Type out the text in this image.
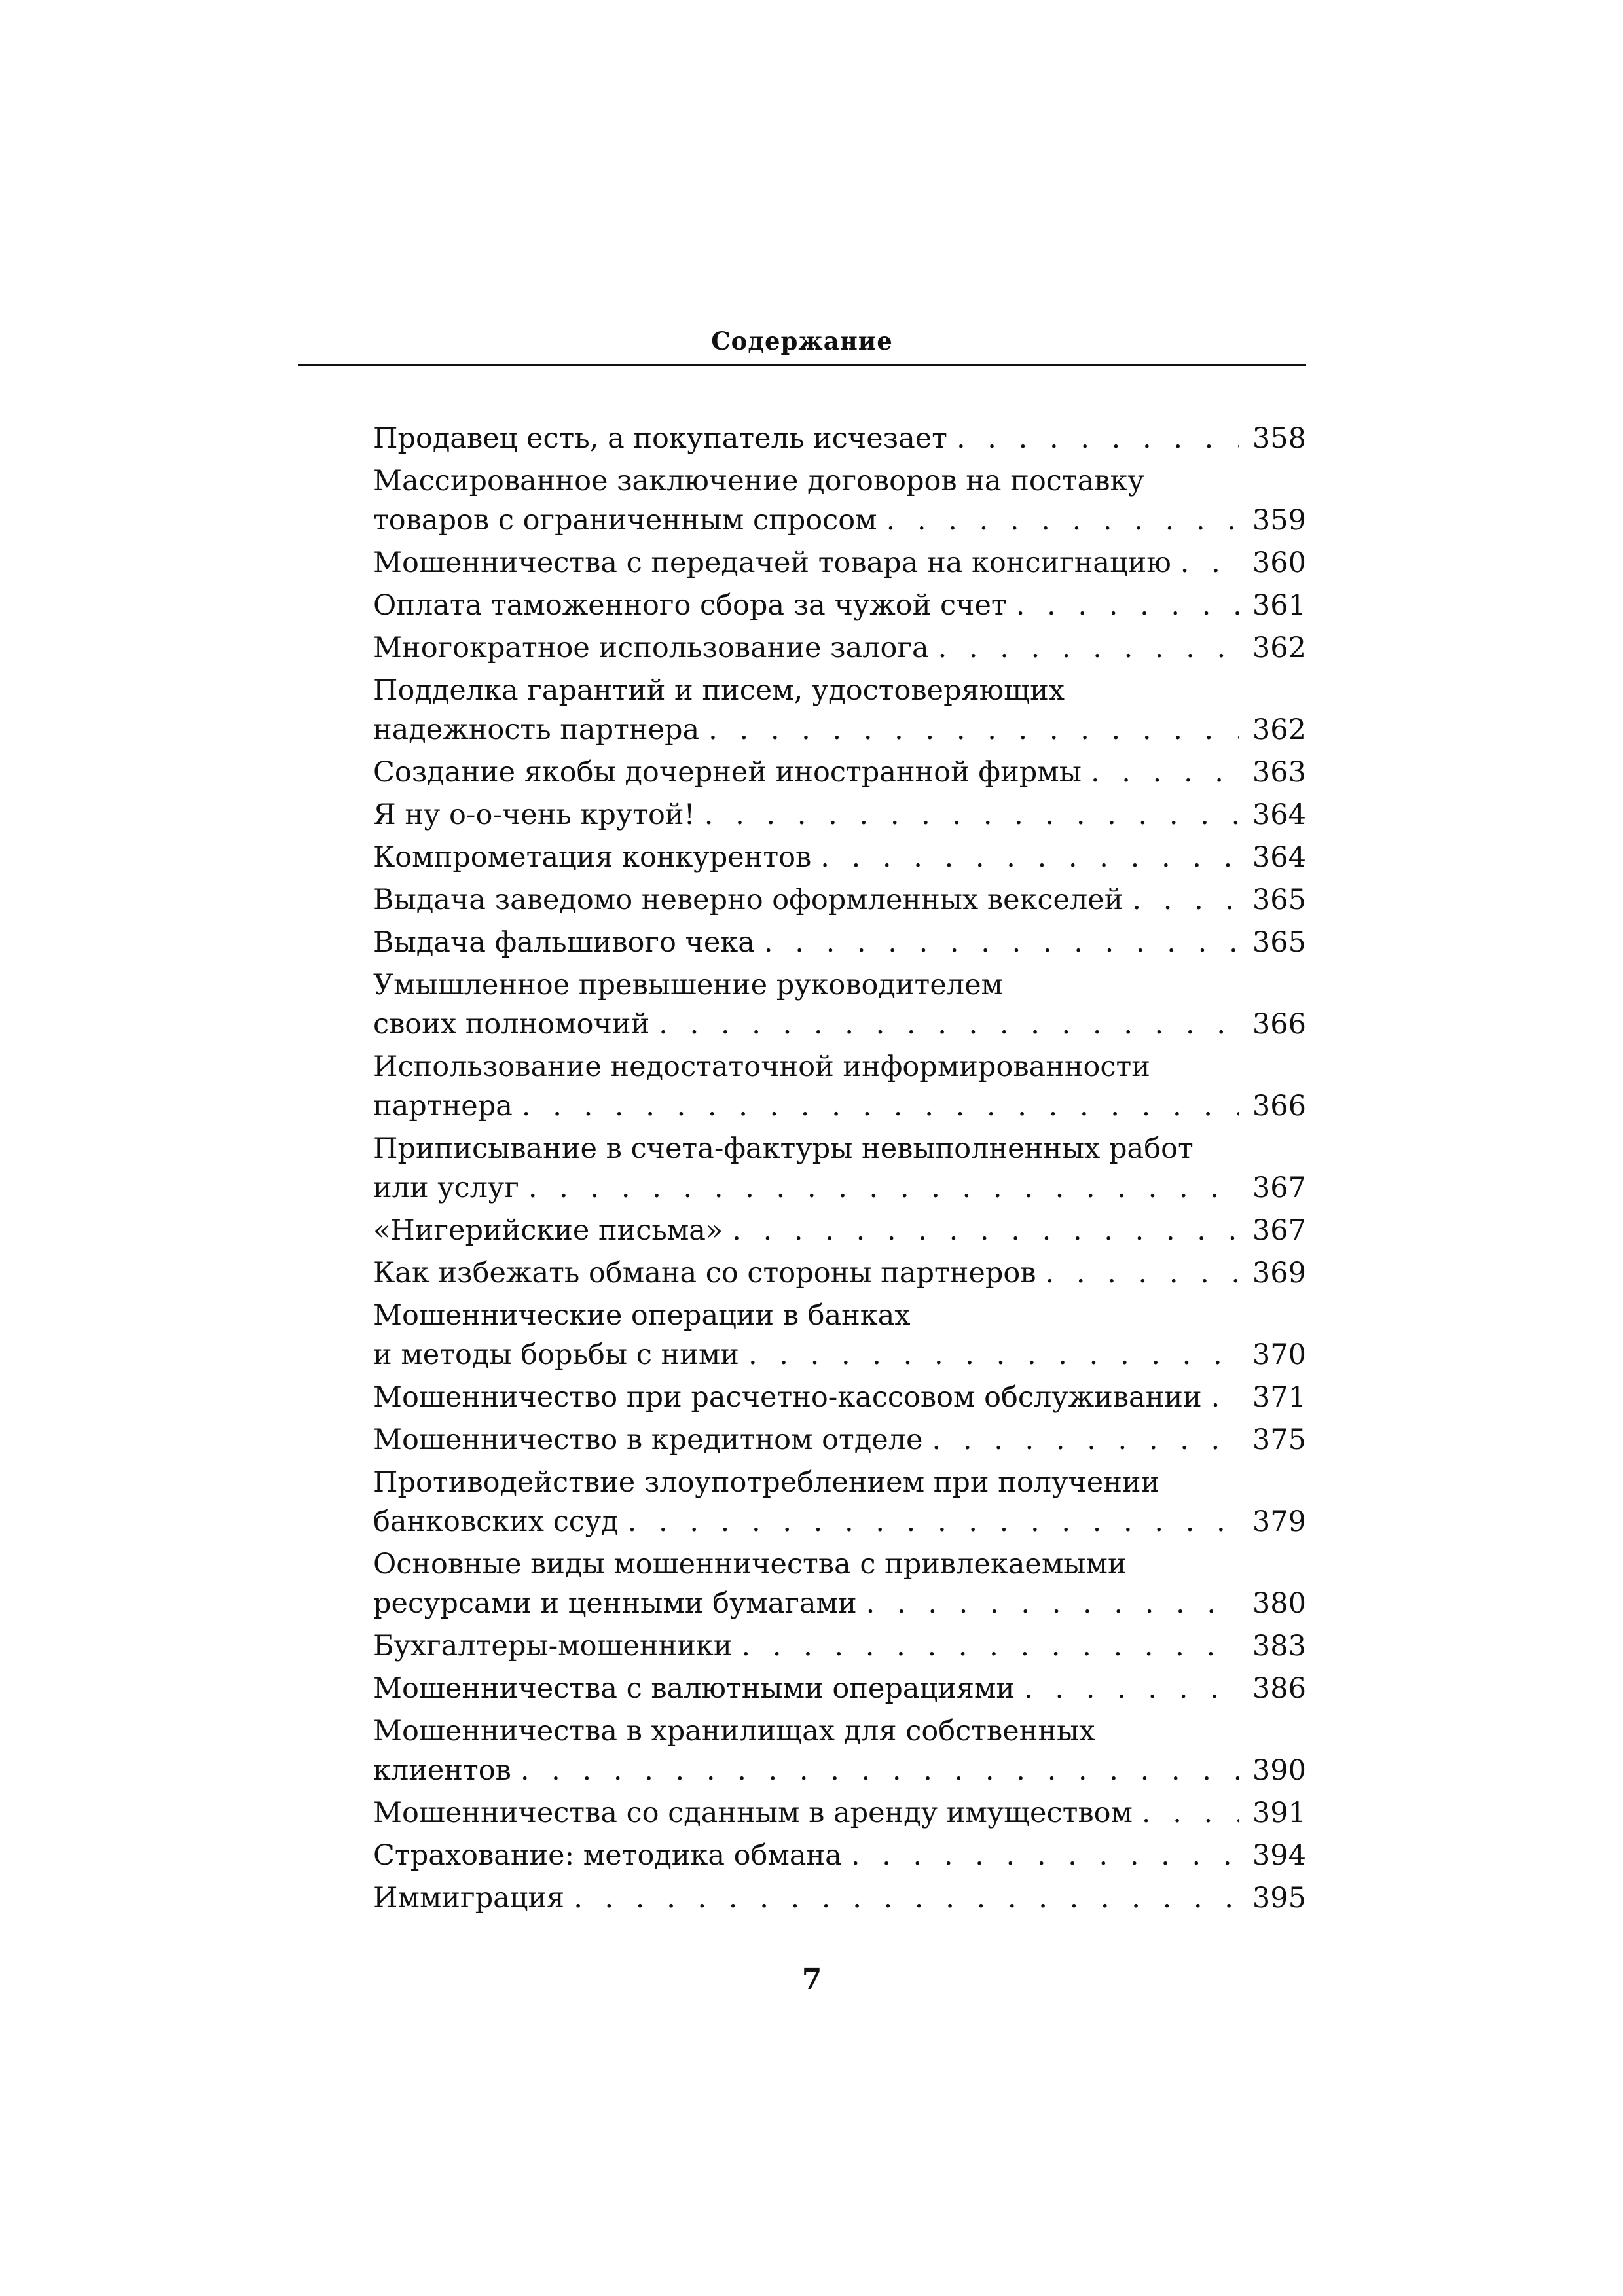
Содержание
Продавец есть, а покупатель исчезает . . .	358
Массированное заключение договоров на поставку
товаров с ограниченным спросом . . .	359
Мошенничества с передачей товара на консигнацию . . .	360
Оплата таможенного сбора за чужой счет . . .	361
Многократное использование залога . . .	362
Подделка гарантий и писем, удостоверяющих
надежность партнера . . .	362
Создание якобы дочерней иностранной фирмы . . .	363
Я ну о-о-чень крутой! . . .	364
Компрометация конкурентов . . .	364
Выдача заведомо неверно оформленных векселей . . .	365
Выдача фальшивого чека . . .	365
Умышленное превышение руководителем
своих полномочий . . .	366
Использование недостаточной информированности
партнера . . .	366
Приписывание в счета-фактуры невыполненных работ
или услуг . . .	367
«Нигерийские письма» . . .	367
Как избежать обмана со стороны партнеров . . .	369
Мошеннические операции в банках
и методы борьбы с ними . . .	370
Мошенничество при расчетно-кассовом обслуживании . . . 371
Мошенничество в кредитном отделе . . .	375
Противодействие злоупотреблением при получении
банковских ссуд . . .	379
Основные виды мошенничества с привлекаемыми
ресурсами и ценными бумагами . . .	380
Бухгалтеры-мошенники . . .	383
Мошенничества с валютными операциями . . .	386
Мошенничества в хранилищах для собственных
клиентов . . .	390
Мошенничества со сданным в аренду имуществом . . .	391
Страхование: методика обмана . . .	394
Иммиграция . . .	395
7
